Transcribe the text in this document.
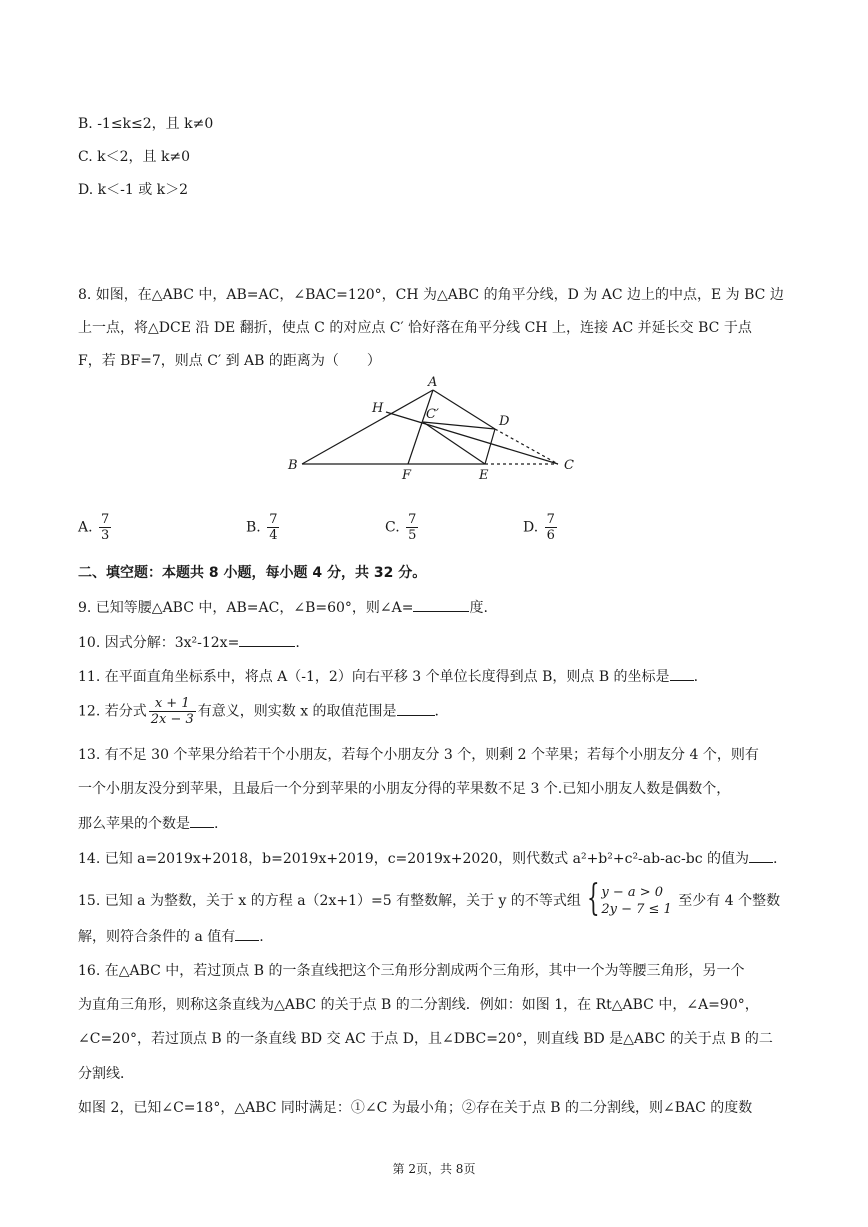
B. -1≤k≤2，且 k≠0
C. k＜2，且 k≠0
D. k＜-1 或 k＞2
8. 如图，在△ABC 中，AB=AC，∠BAC=120°，CH 为△ABC 的角平分线，D 为 AC 边上的中点，E 为 BC 边
上一点，将△DCE 沿 DE 翻折，使点 C 的对应点 C′ 恰好落在角平分线 CH 上，连接 AC 并延长交 BC 于点
F，若 BF=7，则点 C′ 到 AB 的距离为（　　）
A
H	C′	D
B
F	E
C
A. $\frac{7}{3}$	B. $\frac{7}{4}$	C. $\frac{7}{5}$	D. $\frac{7}{6}$
二、填空题：本题共 8 小题，每小题 4 分，共 32 分。
9. 已知等腰△ABC 中，AB=AC，∠B=60°，则∠A=	度.
10. 因式分解：3x²-12x=	.
11. 在平面直角坐标系中，将点 A（-1，2）向右平移 3 个单位长度得到点 B，则点 B 的坐标是 .
12. 若分式 $\frac{x + 1}{2x - 3}$ 有意义，则实数 x 的取值范围是	.
13. 有不足 30 个苹果分给若干个小朋友，若每个小朋友分 3 个，则剩 2 个苹果；若每个小朋友分 4 个，则有
一个小朋友没分到苹果，且最后一个分到苹果的小朋友分得的苹果数不足 3 个.已知小朋友人数是偶数个，
那么苹果的个数是 .
14. 已知 a=2019x+2018，b=2019x+2019，c=2019x+2020，则代数式 a²+b²+c²-ab-ac-bc 的值为 .
15. 已知 a 为整数，关于 x 的方程 a（2x+1）=5 有整数解，关于 y 的不等式组 { y − a > 0
2y − 7 ≤ 1
至少有 4 个整数
解，则符合条件的 a 值有 .
16. 在△ABC 中，若过顶点 B 的一条直线把这个三角形分割成两个三角形，其中一个为等腰三角形，另一个
为直角三角形，则称这条直线为△ABC 的关于点 B 的二分割线．例如：如图 1，在 Rt△ABC 中，∠A=90°，
∠C=20°，若过顶点 B 的一条直线 BD 交 AC 于点 D，且∠DBC=20°，则直线 BD 是△ABC 的关于点 B 的二
分割线．
如图 2，已知∠C=18°，△ABC 同时满足：①∠C 为最小角；②存在关于点 B 的二分割线，则∠BAC 的度数
第 2页，共 8页
